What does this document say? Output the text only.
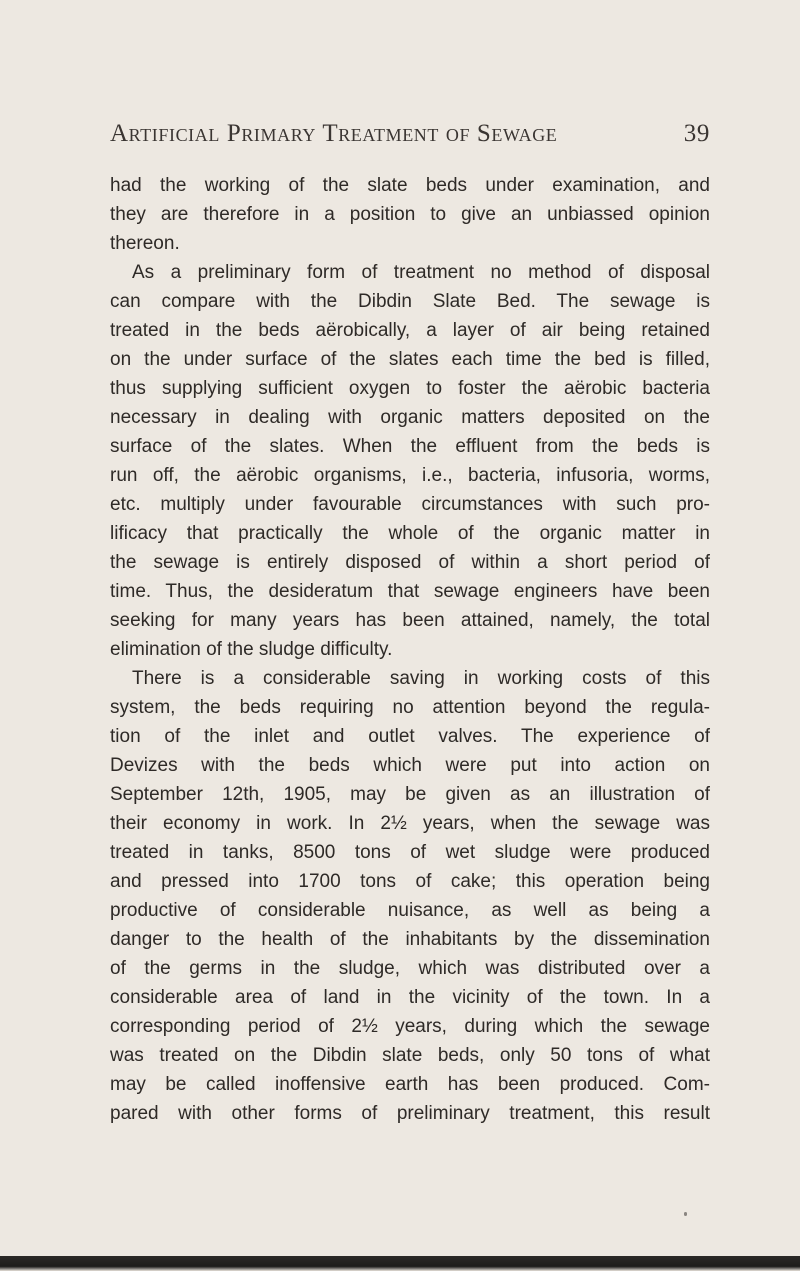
Artificial Primary Treatment of Sewage	39
had the working of the slate beds under examination, and
they are therefore in a position to give an unbiassed opinion
thereon.
As a preliminary form of treatment no method of disposal
can compare with the Dibdin Slate Bed. The sewage is
treated in the beds aërobically, a layer of air being retained
on the under surface of the slates each time the bed is filled,
thus supplying sufficient oxygen to foster the aërobic bacteria
necessary in dealing with organic matters deposited on the
surface of the slates. When the effluent from the beds is
run off, the aërobic organisms, i.e., bacteria, infusoria, worms,
etc. multiply under favourable circumstances with such pro-
lificacy that practically the whole of the organic matter in
the sewage is entirely disposed of within a short period of
time. Thus, the desideratum that sewage engineers have been
seeking for many years has been attained, namely, the total
elimination of the sludge difficulty.
There is a considerable saving in working costs of this
system, the beds requiring no attention beyond the regula-
tion of the inlet and outlet valves. The experience of
Devizes with the beds which were put into action on
September 12th, 1905, may be given as an illustration of
their economy in work. In 2½ years, when the sewage was
treated in tanks, 8500 tons of wet sludge were produced
and pressed into 1700 tons of cake; this operation being
productive of considerable nuisance, as well as being a
danger to the health of the inhabitants by the dissemination
of the germs in the sludge, which was distributed over a
considerable area of land in the vicinity of the town. In a
corresponding period of 2½ years, during which the sewage
was treated on the Dibdin slate beds, only 50 tons of what
may be called inoffensive earth has been produced. Com-
pared with other forms of preliminary treatment, this result
